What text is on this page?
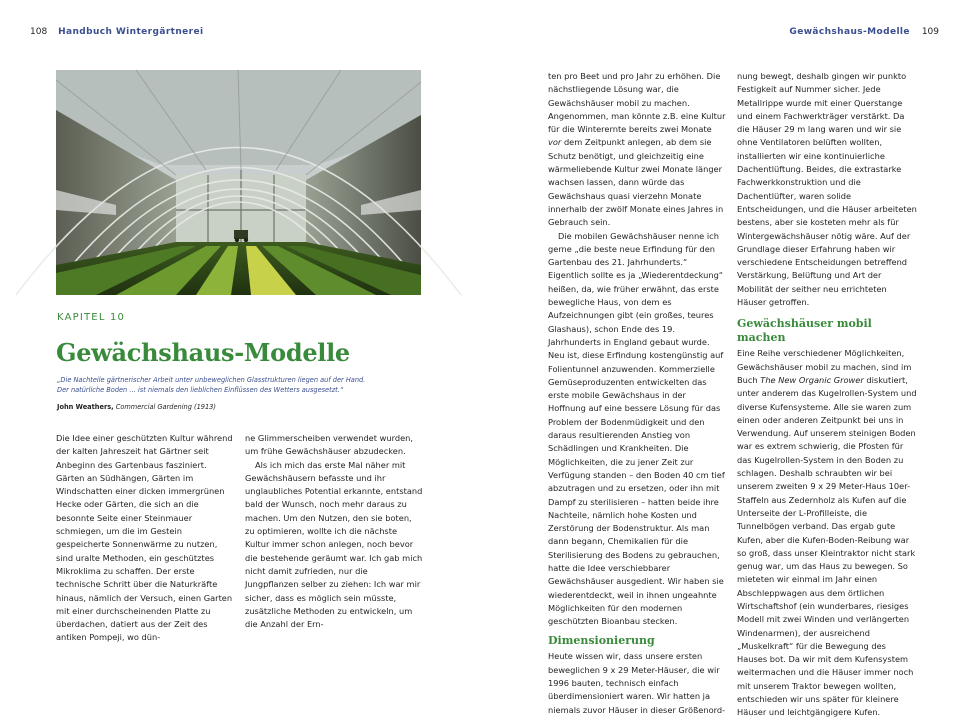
108 Handbuch Wintergärtnerei	Gewächshaus-Modelle 109
KAPITEL 10
Gewächshaus-Modelle
„Die Nachteile gärtnerischer Arbeit unter unbeweglichen Glasstrukturen liegen auf der Hand.
Der natürliche Boden … ist niemals den lieblichen Einflüssen des Wetters ausgesetzt.“
John Weathers, Commercial Gardening (1913)

Die Idee einer geschützten Kultur während der kalten Jahreszeit hat Gärtner seit Anbeginn des Gartenbaus fasziniert. Gärten an Südhängen, Gärten im Windschatten einer dicken immergrünen Hecke oder Gärten, die sich an die besonnte Seite einer Steinmauer schmiegen, um die im Gestein gespeicherte Sonnenwärme zu nutzen, sind uralte Methoden, ein geschütztes Mikroklima zu schaffen. Der erste technische Schritt über die Naturkräfte hinaus, nämlich der Versuch, einen Garten mit einer durchscheinenden Platte zu überdachen, datiert aus der Zeit des antiken Pompeji, wo dün-

ne Glimmerscheiben verwendet wurden, um frühe Gewächshäuser abzudecken.

Als ich mich das erste Mal näher mit Gewächshäusern befasste und ihr unglaubliches Potential erkannte, entstand bald der Wunsch, noch mehr daraus zu machen. Um den Nutzen, den sie boten, zu optimieren, wollte ich die nächste Kultur immer schon anlegen, noch bevor die bestehende geräumt war. Ich gab mich nicht damit zufrieden, nur die Jungpflanzen selber zu ziehen: Ich war mir sicher, dass es möglich sein müsste, zusätzliche Methoden zu entwickeln, um die Anzahl der Ern-

ten pro Beet und pro Jahr zu erhöhen. Die nächstliegende Lösung war, die Gewächshäuser mobil zu machen. Angenommen, man könnte z.B. eine Kultur für die Winterernte bereits zwei Monate vor dem Zeitpunkt anlegen, ab dem sie Schutz benötigt, und gleichzeitig eine wärmeliebende Kultur zwei Monate länger wachsen lassen, dann würde das Gewächshaus quasi vierzehn Monate innerhalb der zwölf Monate eines Jahres in Gebrauch sein.

Die mobilen Gewächshäuser nenne ich gerne „die beste neue Erfindung für den Gartenbau des 21. Jahrhunderts.“ Eigentlich sollte es ja „Wiederentdeckung“ heißen, da, wie früher erwähnt, das erste bewegliche Haus, von dem es Aufzeichnungen gibt (ein großes, teures Glashaus), schon Ende des 19. Jahrhunderts in England gebaut wurde. Neu ist, diese Erfindung kostengünstig auf Folientunnel anzuwenden. Kommerzielle Gemüseproduzenten entwickelten das erste mobile Gewächshaus in der Hoffnung auf eine bessere Lösung für das Problem der Bodenmüdigkeit und den daraus resultierenden Anstieg von Schädlingen und Krankheiten. Die Möglichkeiten, die zu jener Zeit zur Verfügung standen – den Boden 40 cm tief abzutragen und zu ersetzen, oder ihn mit Dampf zu sterilisieren – hatten beide ihre Nachteile, nämlich hohe Kosten und Zerstörung der Bodenstruktur. Als man dann begann, Chemikalien für die Sterilisierung des Bodens zu gebrauchen, hatte die Idee verschiebbarer Gewächshäuser ausgedient. Wir haben sie wiederentdeckt, weil in ihnen ungeahnte Möglichkeiten für den modernen geschützten Bioanbau stecken.

Dimensionierung

Heute wissen wir, dass unsere ersten beweglichen 9 x 29 Meter-Häuser, die wir 1996 bauten, technisch einfach überdimensioniert waren. Wir hatten ja niemals zuvor Häuser in dieser Größenord-

nung bewegt, deshalb gingen wir punkto Festigkeit auf Nummer sicher. Jede Metallrippe wurde mit einer Querstange und einem Fachwerkträger verstärkt. Da die Häuser 29 m lang waren und wir sie ohne Ventilatoren belüften wollten, installierten wir eine kontinuierliche Dachentlüftung. Beides, die extrastarke Fachwerkkonstruktion und die Dachentlüfter, waren solide Entscheidungen, und die Häuser arbeiteten bestens, aber sie kosteten mehr als für Wintergewächshäuser nötig wäre. Auf der Grundlage dieser Erfahrung haben wir verschiedene Entscheidungen betreffend Verstärkung, Belüftung und Art der Mobilität der seither neu errichteten Häuser getroffen.

Gewächshäuser mobil machen

Eine Reihe verschiedener Möglichkeiten, Gewächshäuser mobil zu machen, sind im Buch The New Organic Grower diskutiert, unter anderem das Kugelrollen-System und diverse Kufensysteme. Alle sie waren zum einen oder anderen Zeitpunkt bei uns in Verwendung. Auf unserem steinigen Boden war es extrem schwierig, die Pfosten für das Kugelrollen-System in den Boden zu schlagen. Deshalb schraubten wir bei unserem zweiten 9 x 29 Meter-Haus 10er-Staffeln aus Zedernholz als Kufen auf die Unterseite der L-Profilleiste, die Tunnelbögen verband. Das ergab gute Kufen, aber die Kufen-Boden-Reibung war so groß, dass unser Kleintraktor nicht stark genug war, um das Haus zu bewegen. So mieteten wir einmal im Jahr einen Abschleppwagen aus dem örtlichen Wirtschaftshof (ein wunderbares, riesiges Modell mit zwei Winden und verlängerten Windenarmen), der ausreichend „Muskelkraft“ für die Bewegung des Hauses bot. Da wir mit dem Kufensystem weitermachen und die Häuser immer noch mit unserem Traktor bewegen wollten, entschieden wir uns später für kleinere Häuser und leichtgängigere Kufen.
